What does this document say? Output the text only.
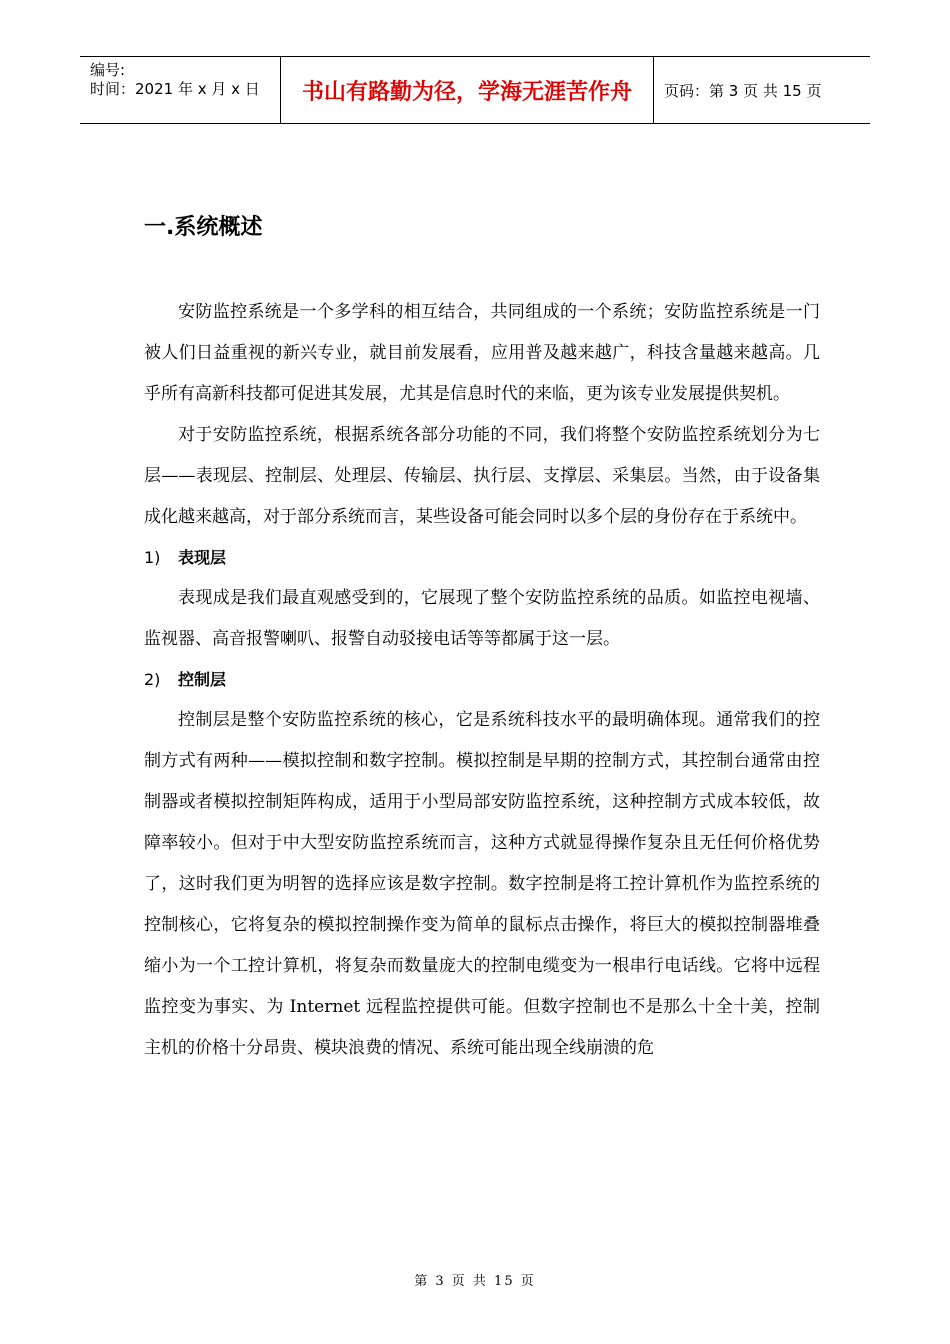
编号:
时间：2021 年 x 月 x 日	书山有路勤为径，学海无涯苦作舟	页码：第 3 页 共 15 页
一.系统概述

安防监控系统是一个多学科的相互结合，共同组成的一个系统；安防监控系统是一门被人们日益重视的新兴专业，就目前发展看，应用普及越来越广，科技含量越来越高。几乎所有高新科技都可促进其发展，尤其是信息时代的来临，更为该专业发展提供契机。

对于安防监控系统，根据系统各部分功能的不同，我们将整个安防监控系统划分为七层——表现层、控制层、处理层、传输层、执行层、支撑层、采集层。当然，由于设备集成化越来越高，对于部分系统而言，某些设备可能会同时以多个层的身份存在于系统中。

1) 表现层

表现成是我们最直观感受到的，它展现了整个安防监控系统的品质。如监控电视墙、监视器、高音报警喇叭、报警自动驳接电话等等都属于这一层。

2) 控制层

控制层是整个安防监控系统的核心，它是系统科技水平的最明确体现。通常我们的控制方式有两种——模拟控制和数字控制。模拟控制是早期的控制方式，其控制台通常由控制器或者模拟控制矩阵构成，适用于小型局部安防监控系统，这种控制方式成本较低，故障率较小。但对于中大型安防监控系统而言，这种方式就显得操作复杂且无任何价格优势了，这时我们更为明智的选择应该是数字控制。数字控制是将工控计算机作为监控系统的控制核心，它将复杂的模拟控制操作变为简单的鼠标点击操作，将巨大的模拟控制器堆叠缩小为一个工控计算机，将复杂而数量庞大的控制电缆变为一根串行电话线。它将中远程监控变为事实、为 Internet 远程监控提供可能。但数字控制也不是那么十全十美，控制主机的价格十分昂贵、模块浪费的情况、系统可能出现全线崩溃的危

第 3 页 共 15 页
